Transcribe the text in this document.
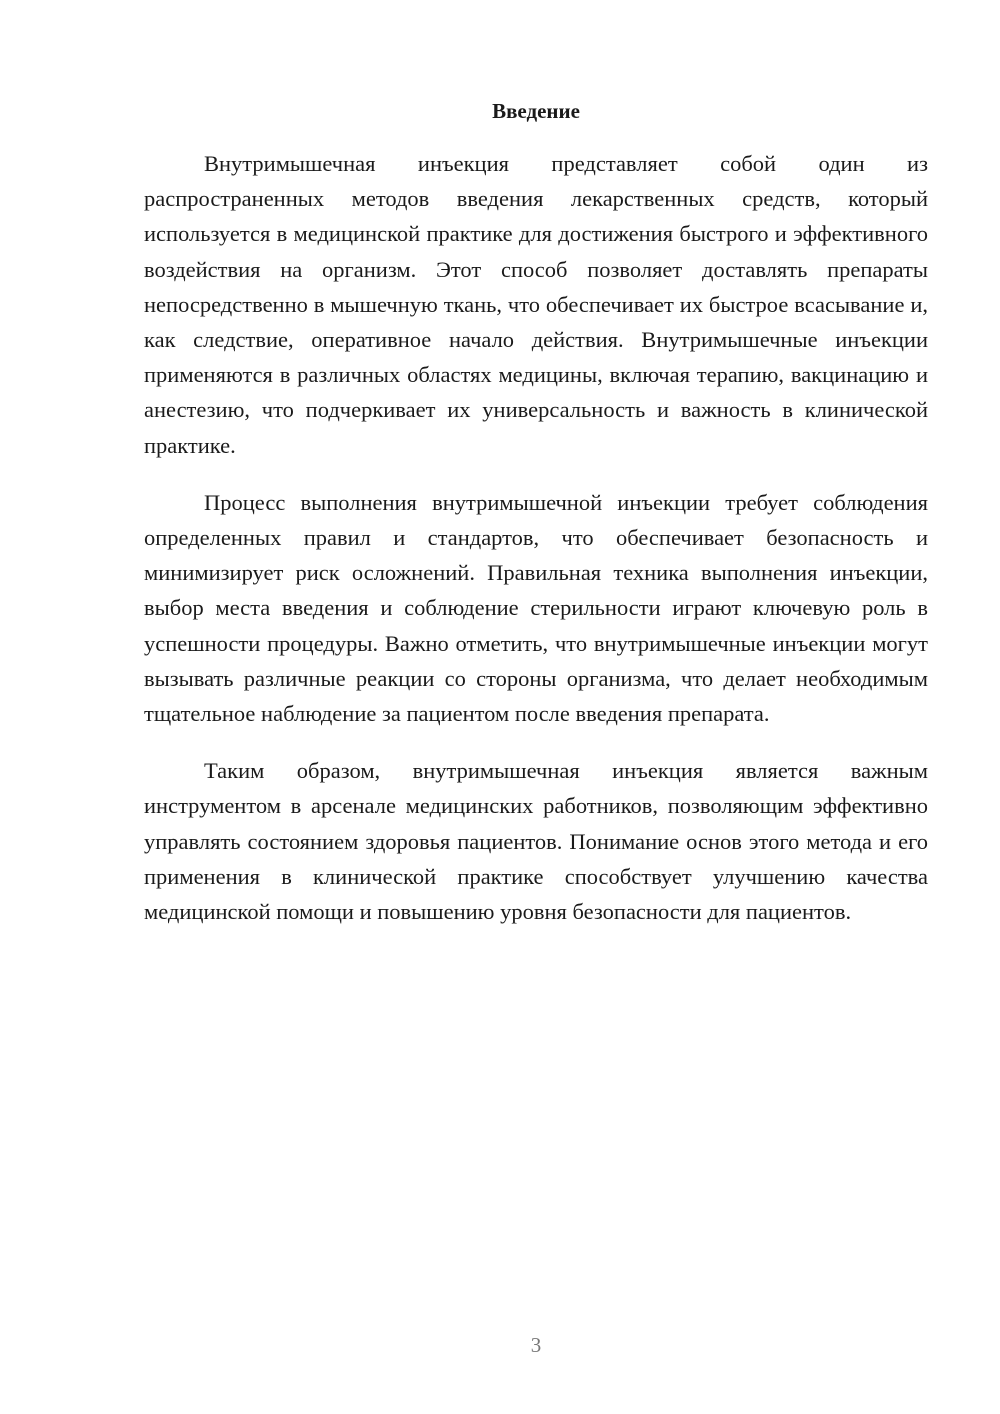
Введение

Внутримышечная инъекция представляет собой один из распространенных методов введения лекарственных средств, который используется в медицинской практике для достижения быстрого и эффективного воздействия на организм. Этот способ позволяет доставлять препараты непосредственно в мышечную ткань, что обеспечивает их быстрое всасывание и, как следствие, оперативное начало действия. Внутримышечные инъекции применяются в различных областях медицины, включая терапию, вакцинацию и анестезию, что подчеркивает их универсальность и важность в клинической практике.

Процесс выполнения внутримышечной инъекции требует соблюдения определенных правил и стандартов, что обеспечивает безопасность и минимизирует риск осложнений. Правильная техника выполнения инъекции, выбор места введения и соблюдение стерильности играют ключевую роль в успешности процедуры. Важно отметить, что внутримышечные инъекции могут вызывать различные реакции со стороны организма, что делает необходимым тщательное наблюдение за пациентом после введения препарата.

Таким образом, внутримышечная инъекция является важным инструментом в арсенале медицинских работников, позволяющим эффективно управлять состоянием здоровья пациентов. Понимание основ этого метода и его применения в клинической практике способствует улучшению качества медицинской помощи и повышению уровня безопасности для пациентов.

3
